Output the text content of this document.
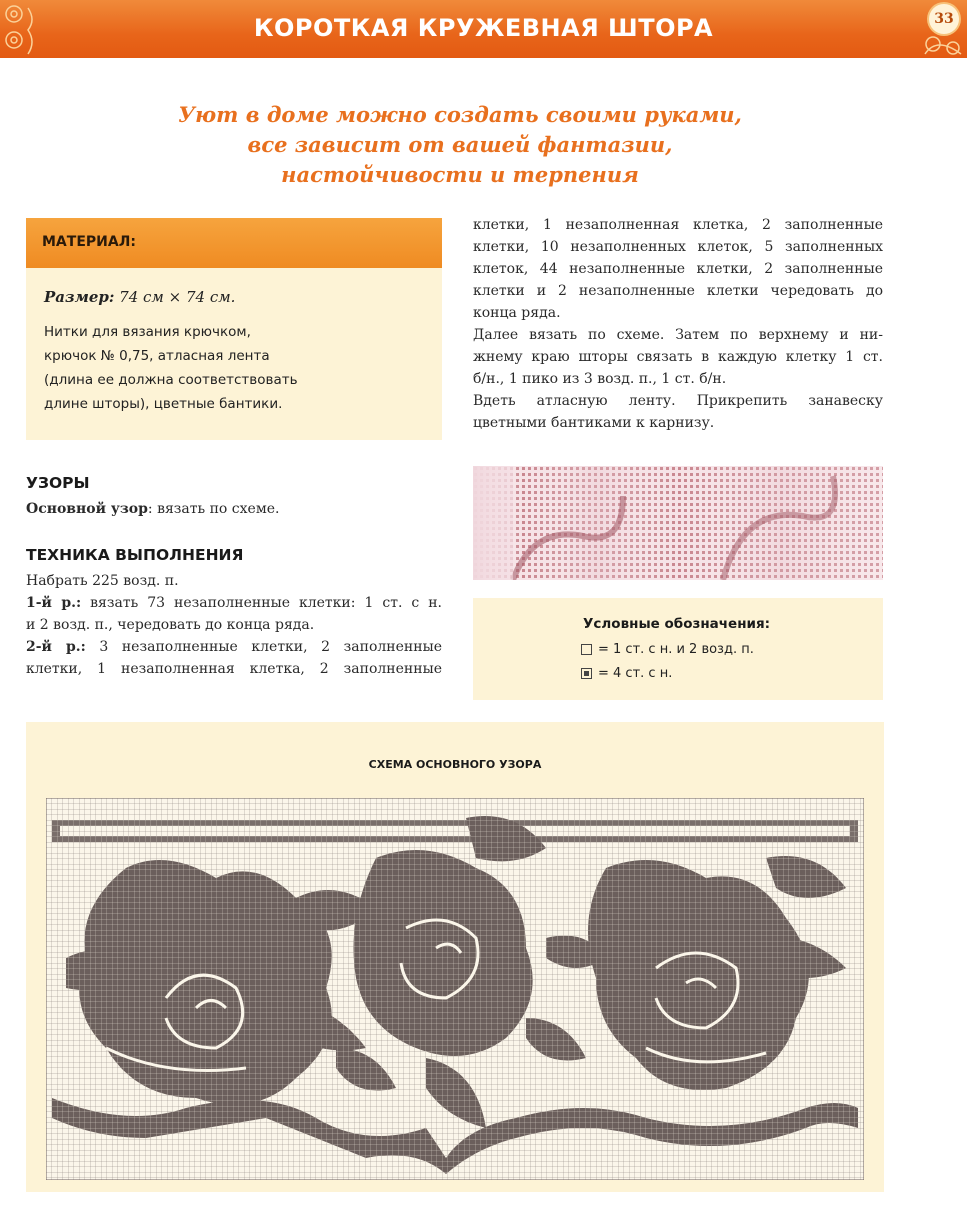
КОРОТКАЯ КРУЖЕВНАЯ ШТОРА	33
Уют в доме можно создать своими руками,
все зависит от вашей фантазии,
настойчивости и терпения
МАТЕРИАЛ:
Размер: 74 см × 74 см.
Нитки для вязания крючком,
крючок № 0,75, атласная лента
(длина ее должна соответствовать
длине шторы), цветные бантики.
УЗОРЫ
Основной узор: вязать по схеме.
ТЕХНИКА ВЫПОЛНЕНИЯ
Набрать 225 возд. п.
1-й р.: вязать 73 незаполненные клетки: 1 ст. с н.
и 2 возд. п., чередовать до конца ряда.
2-й р.: 3 незаполненные клетки, 2 заполненные
клетки, 1 незаполненная клетка, 2 заполненные
клетки, 1 незаполненная клетка, 2 заполненные
клетки, 10 незаполненных клеток, 5 заполненных
клеток, 44 незаполненные клетки, 2 заполненные
клетки и 2 незаполненные клетки чередовать до
конца ряда.
Далее вязать по схеме. Затем по верхнему и ни-
жнему краю шторы связать в каждую клетку 1 ст.
б/н., 1 пико из 3 возд. п., 1 ст. б/н.
Вдеть атласную ленту. Прикрепить занавеску
цветными бантиками к карнизу.
Условные обозначения:
= 1 ст. с н. и 2 возд. п.
= 4 ст. с н.
СХЕМА ОСНОВНОГО УЗОРА
